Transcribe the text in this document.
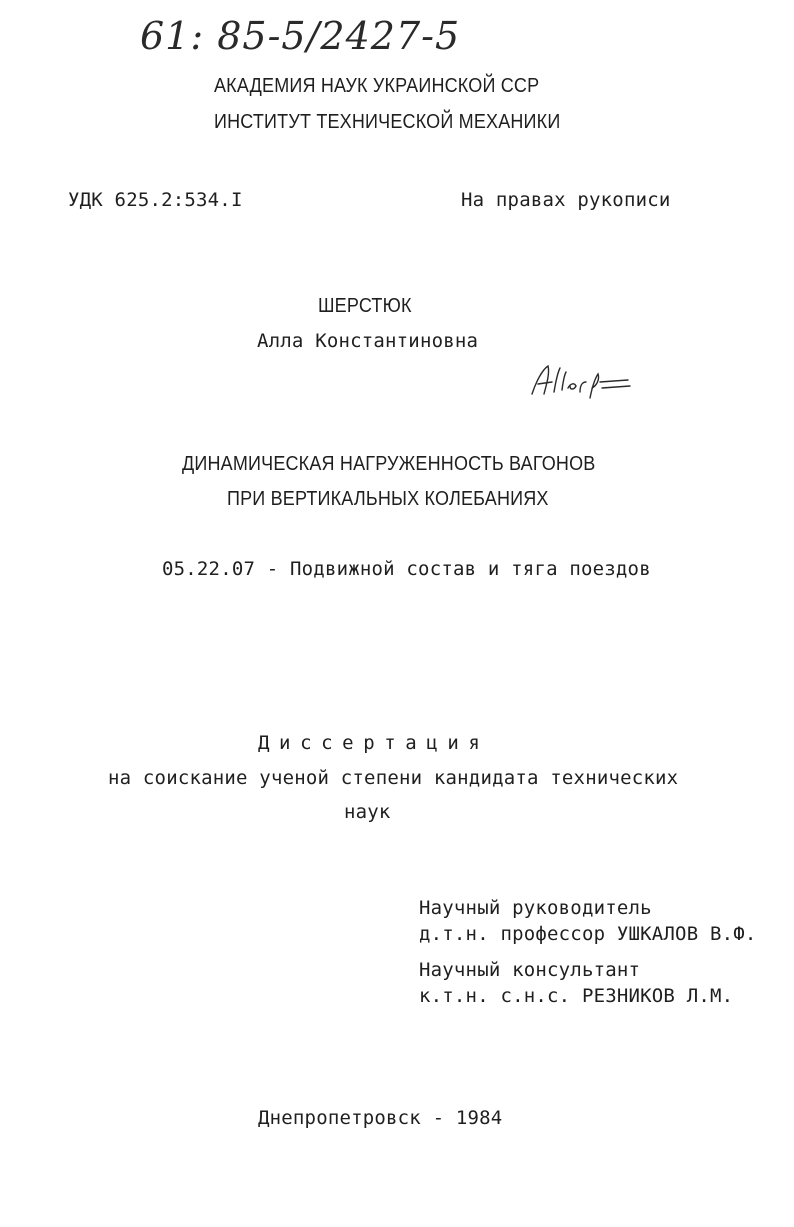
61: 85-5/2427-5
АКАДЕМИЯ НАУК УКРАИНСКОЙ ССР
ИНСТИТУТ ТЕХНИЧЕСКОЙ МЕХАНИКИ
УДК 625.2:534.I	На правах рукописи
ШЕРСТЮК
Алла Константиновна
ДИНАМИЧЕСКАЯ НАГРУЖЕННОСТЬ ВАГОНОВ
ПРИ ВЕРТИКАЛЬНЫХ КОЛЕБАНИЯХ
05.22.07 - Подвижной состав и тяга поездов
Диссертация
на соискание ученой степени кандидата технических
наук
Научный руководитель
д.т.н. профессор УШКАЛОВ В.Ф.
Научный консультант
к.т.н. с.н.с. РЕЗНИКОВ Л.М.
Днепропетровск - 1984
